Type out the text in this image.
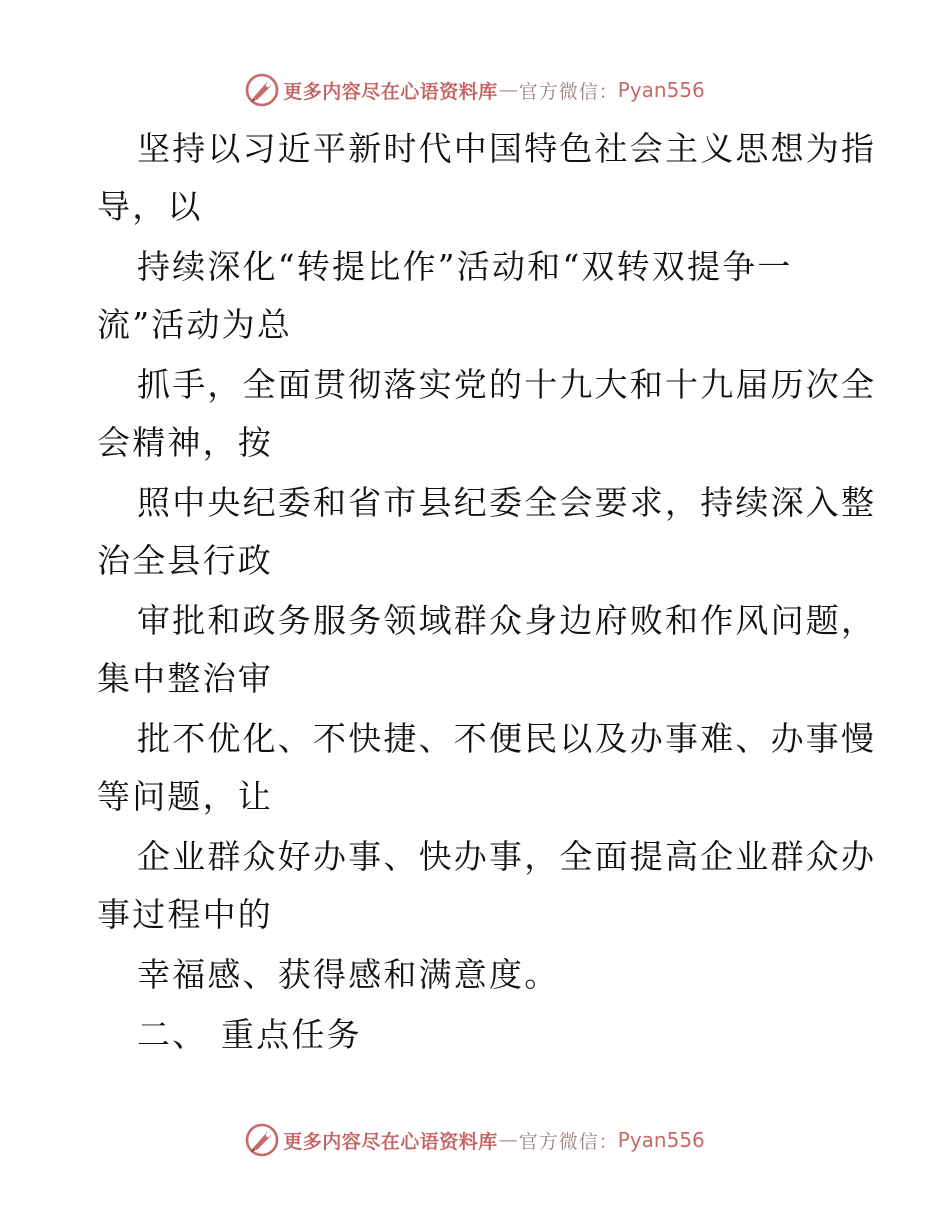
更多内容尽在心语资料库 — 官方微信 ： Pyan556
坚持以习近平新时代中国特色社会主义思想为指
导，以
持续深化“转提比作”活动和“双转双提争一
流”活动为总
抓手，全面贯彻落实党的十九大和十九届历次全
会精神，按
照中央纪委和省市县纪委全会要求，持续深入整
治全县行政
审批和政务服务领域群众身边府败和作风问题，
集中整治审
批不优化、不快捷、不便民以及办事难、办事慢
等问题，让
企业群众好办事、快办事，全面提高企业群众办
事过程中的
幸福感、获得感和满意度。
二、 重点任务
更多内容尽在心语资料库 — 官方微信 ： Pyan556
